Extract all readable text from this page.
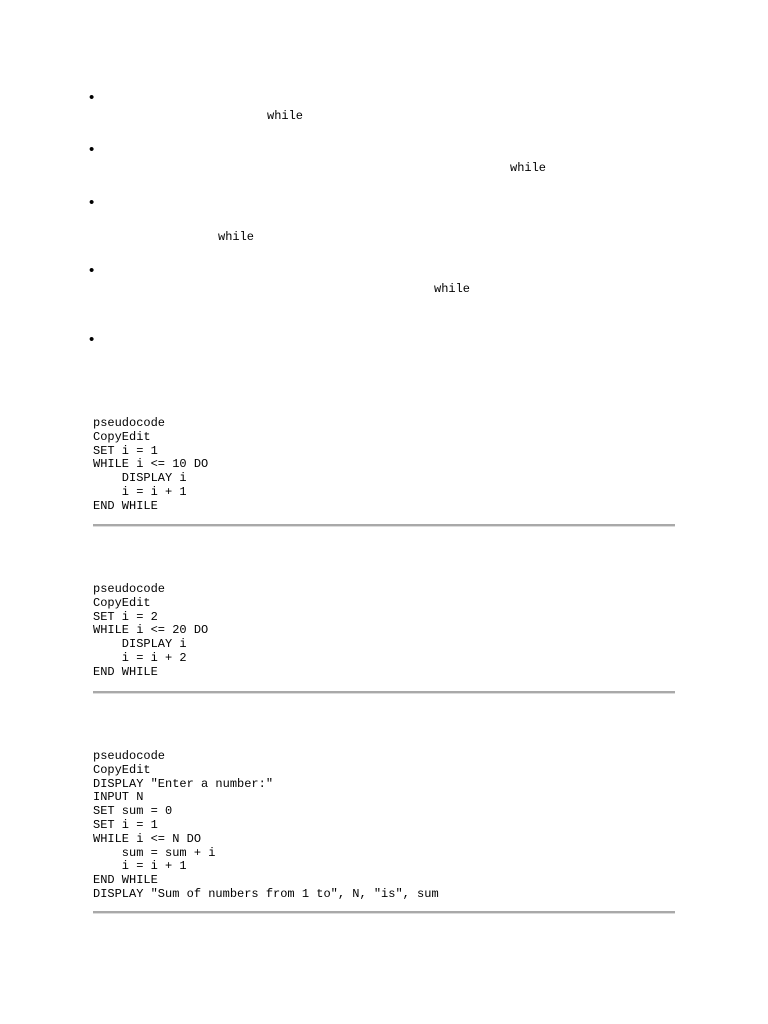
•
while
•
while
•
while
•
while
•
pseudocode
CopyEdit
SET i = 1
WHILE i <= 10 DO
DISPLAY i
i = i + 1
END WHILE
pseudocode
CopyEdit
SET i = 2
WHILE i <= 20 DO
DISPLAY i
i = i + 2
END WHILE
pseudocode
CopyEdit
DISPLAY "Enter a number:"
INPUT N
SET sum = 0
SET i = 1
WHILE i <= N DO
sum = sum + i
i = i + 1
END WHILE
DISPLAY "Sum of numbers from 1 to", N, "is", sum
